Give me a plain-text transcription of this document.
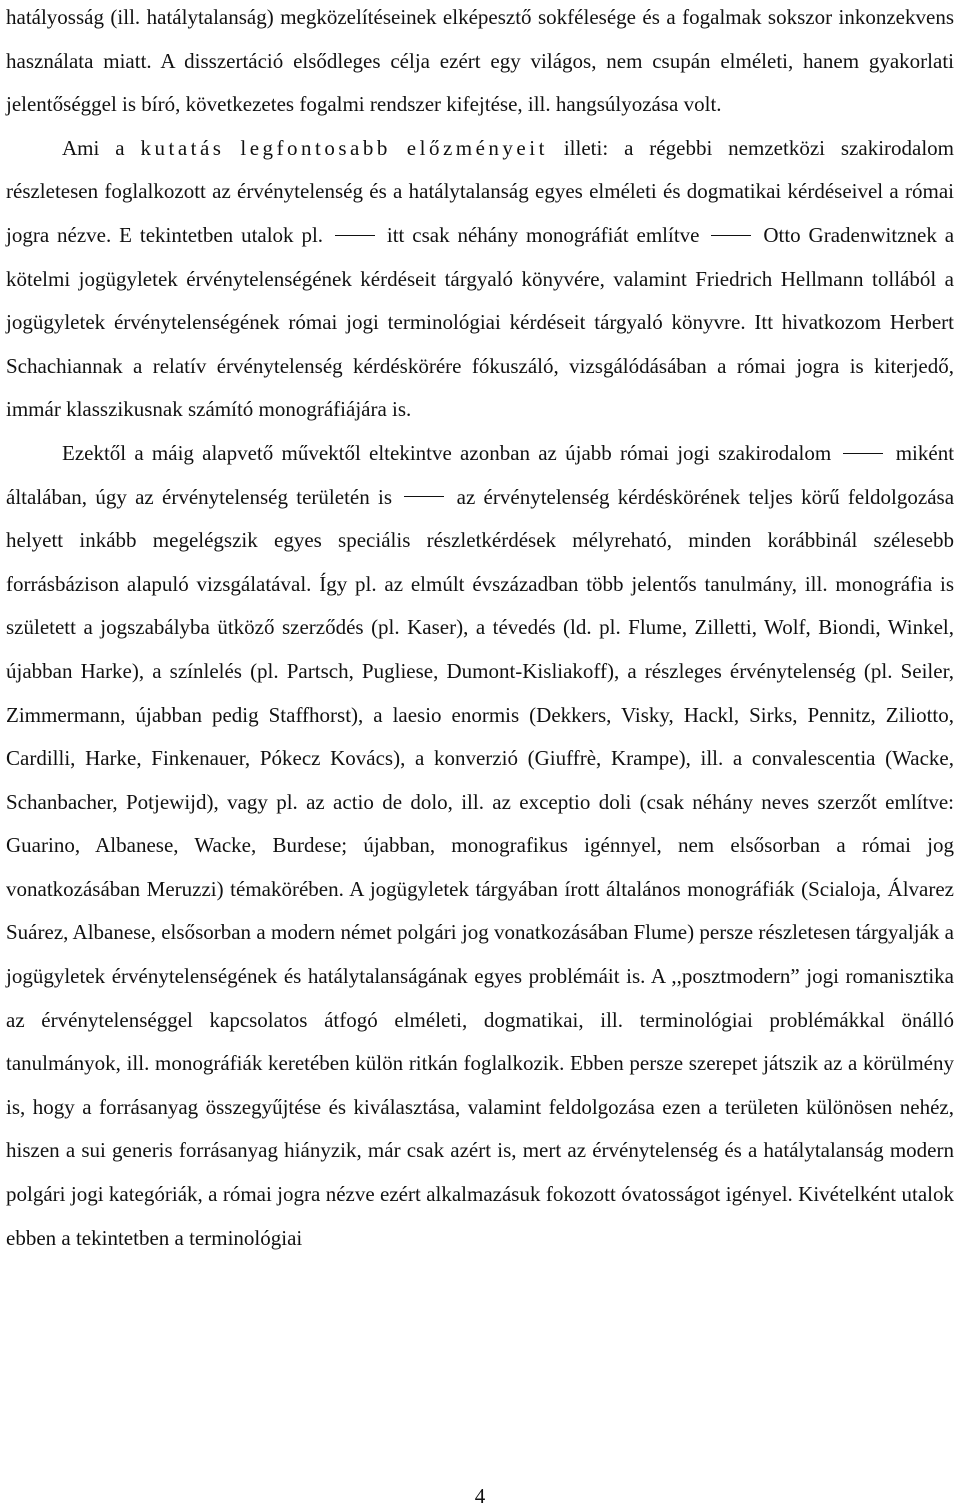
hatályosság (ill. hatálytalanság) megközelítéseinek elképesztő sokfélesége és a fogalmak sokszor inkonzekvens használata miatt. A disszertáció elsődleges célja ezért egy világos, nem csupán elméleti, hanem gyakorlati jelentőséggel is bíró, következetes fogalmi rendszer kifejtése, ill. hangsúlyozása volt.

Ami a kutatás legfontosabb előzményeit illeti: a régebbi nemzetközi szakirodalom részletesen foglalkozott az érvénytelenség és a hatálytalanság egyes elméleti és dogmatikai kérdéseivel a római jogra nézve. E tekintetben utalok pl.	itt csak néhány monográfiát említve	Otto Gradenwitznek a kötelmi jogügyletek érvénytelenségének kérdéseit tárgyaló könyvére, valamint Friedrich Hellmann tollából a jogügyletek érvénytelenségének római jogi terminológiai kérdéseit tárgyaló könyvre. Itt hivatkozom Herbert Schachiannak a relatív érvénytelenség kérdéskörére fókuszáló, vizsgálódásában a római jogra is kiterjedő, immár klasszikusnak számító monográfiájára is.

Ezektől a máig alapvető művektől eltekintve azonban az újabb római jogi szakirodalom	miként általában, úgy az érvénytelenség területén is	az érvénytelenség kérdéskörének teljes körű feldolgozása helyett inkább megelégszik egyes speciális részletkérdések mélyreható, minden korábbinál szélesebb forrásbázison alapuló vizsgálatával. Így pl. az elmúlt évszázadban több jelentős tanulmány, ill. monográfia is született a jogszabályba ütköző szerződés (pl. Kaser), a tévedés (ld. pl. Flume, Zilletti, Wolf, Biondi, Winkel, újabban Harke), a színlelés (pl. Partsch, Pugliese, Dumont-Kisliakoff), a részleges érvénytelenség (pl. Seiler, Zimmermann, újabban pedig Staffhorst), a laesio enormis (Dekkers, Visky, Hackl, Sirks, Pennitz, Ziliotto, Cardilli, Harke, Finkenauer, Pókecz Kovács), a konverzió (Giuffrè, Krampe), ill. a convalescentia (Wacke, Schanbacher, Potjewijd), vagy pl. az actio de dolo, ill. az exceptio doli (csak néhány neves szerzőt említve: Guarino, Albanese, Wacke, Burdese; újabban, monografikus igénnyel, nem elsősorban a római jog vonatkozásában Meruzzi) témakörében. A jogügyletek tárgyában írott általános monográfiák (Scialoja, Álvarez Suárez, Albanese, elsősorban a modern német polgári jog vonatkozásában Flume) persze részletesen tárgyalják a jogügyletek érvénytelenségének és hatálytalanságának egyes problémáit is. A ,,posztmodern” jogi romanisztika az érvénytelenséggel kapcsolatos átfogó elméleti, dogmatikai, ill. terminológiai problémákkal önálló tanulmányok, ill. monográfiák keretében külön ritkán foglalkozik. Ebben persze szerepet játszik az a körülmény is, hogy a forrásanyag összegyűjtése és kiválasztása, valamint feldolgozása ezen a területen különösen nehéz, hiszen a sui generis forrásanyag hiányzik, már csak azért is, mert az érvénytelenség és a hatálytalanság modern polgári jogi kategóriák, a római jogra nézve ezért alkalmazásuk fokozott óvatosságot igényel. Kivételként utalok ebben a tekintetben a terminológiai

4
